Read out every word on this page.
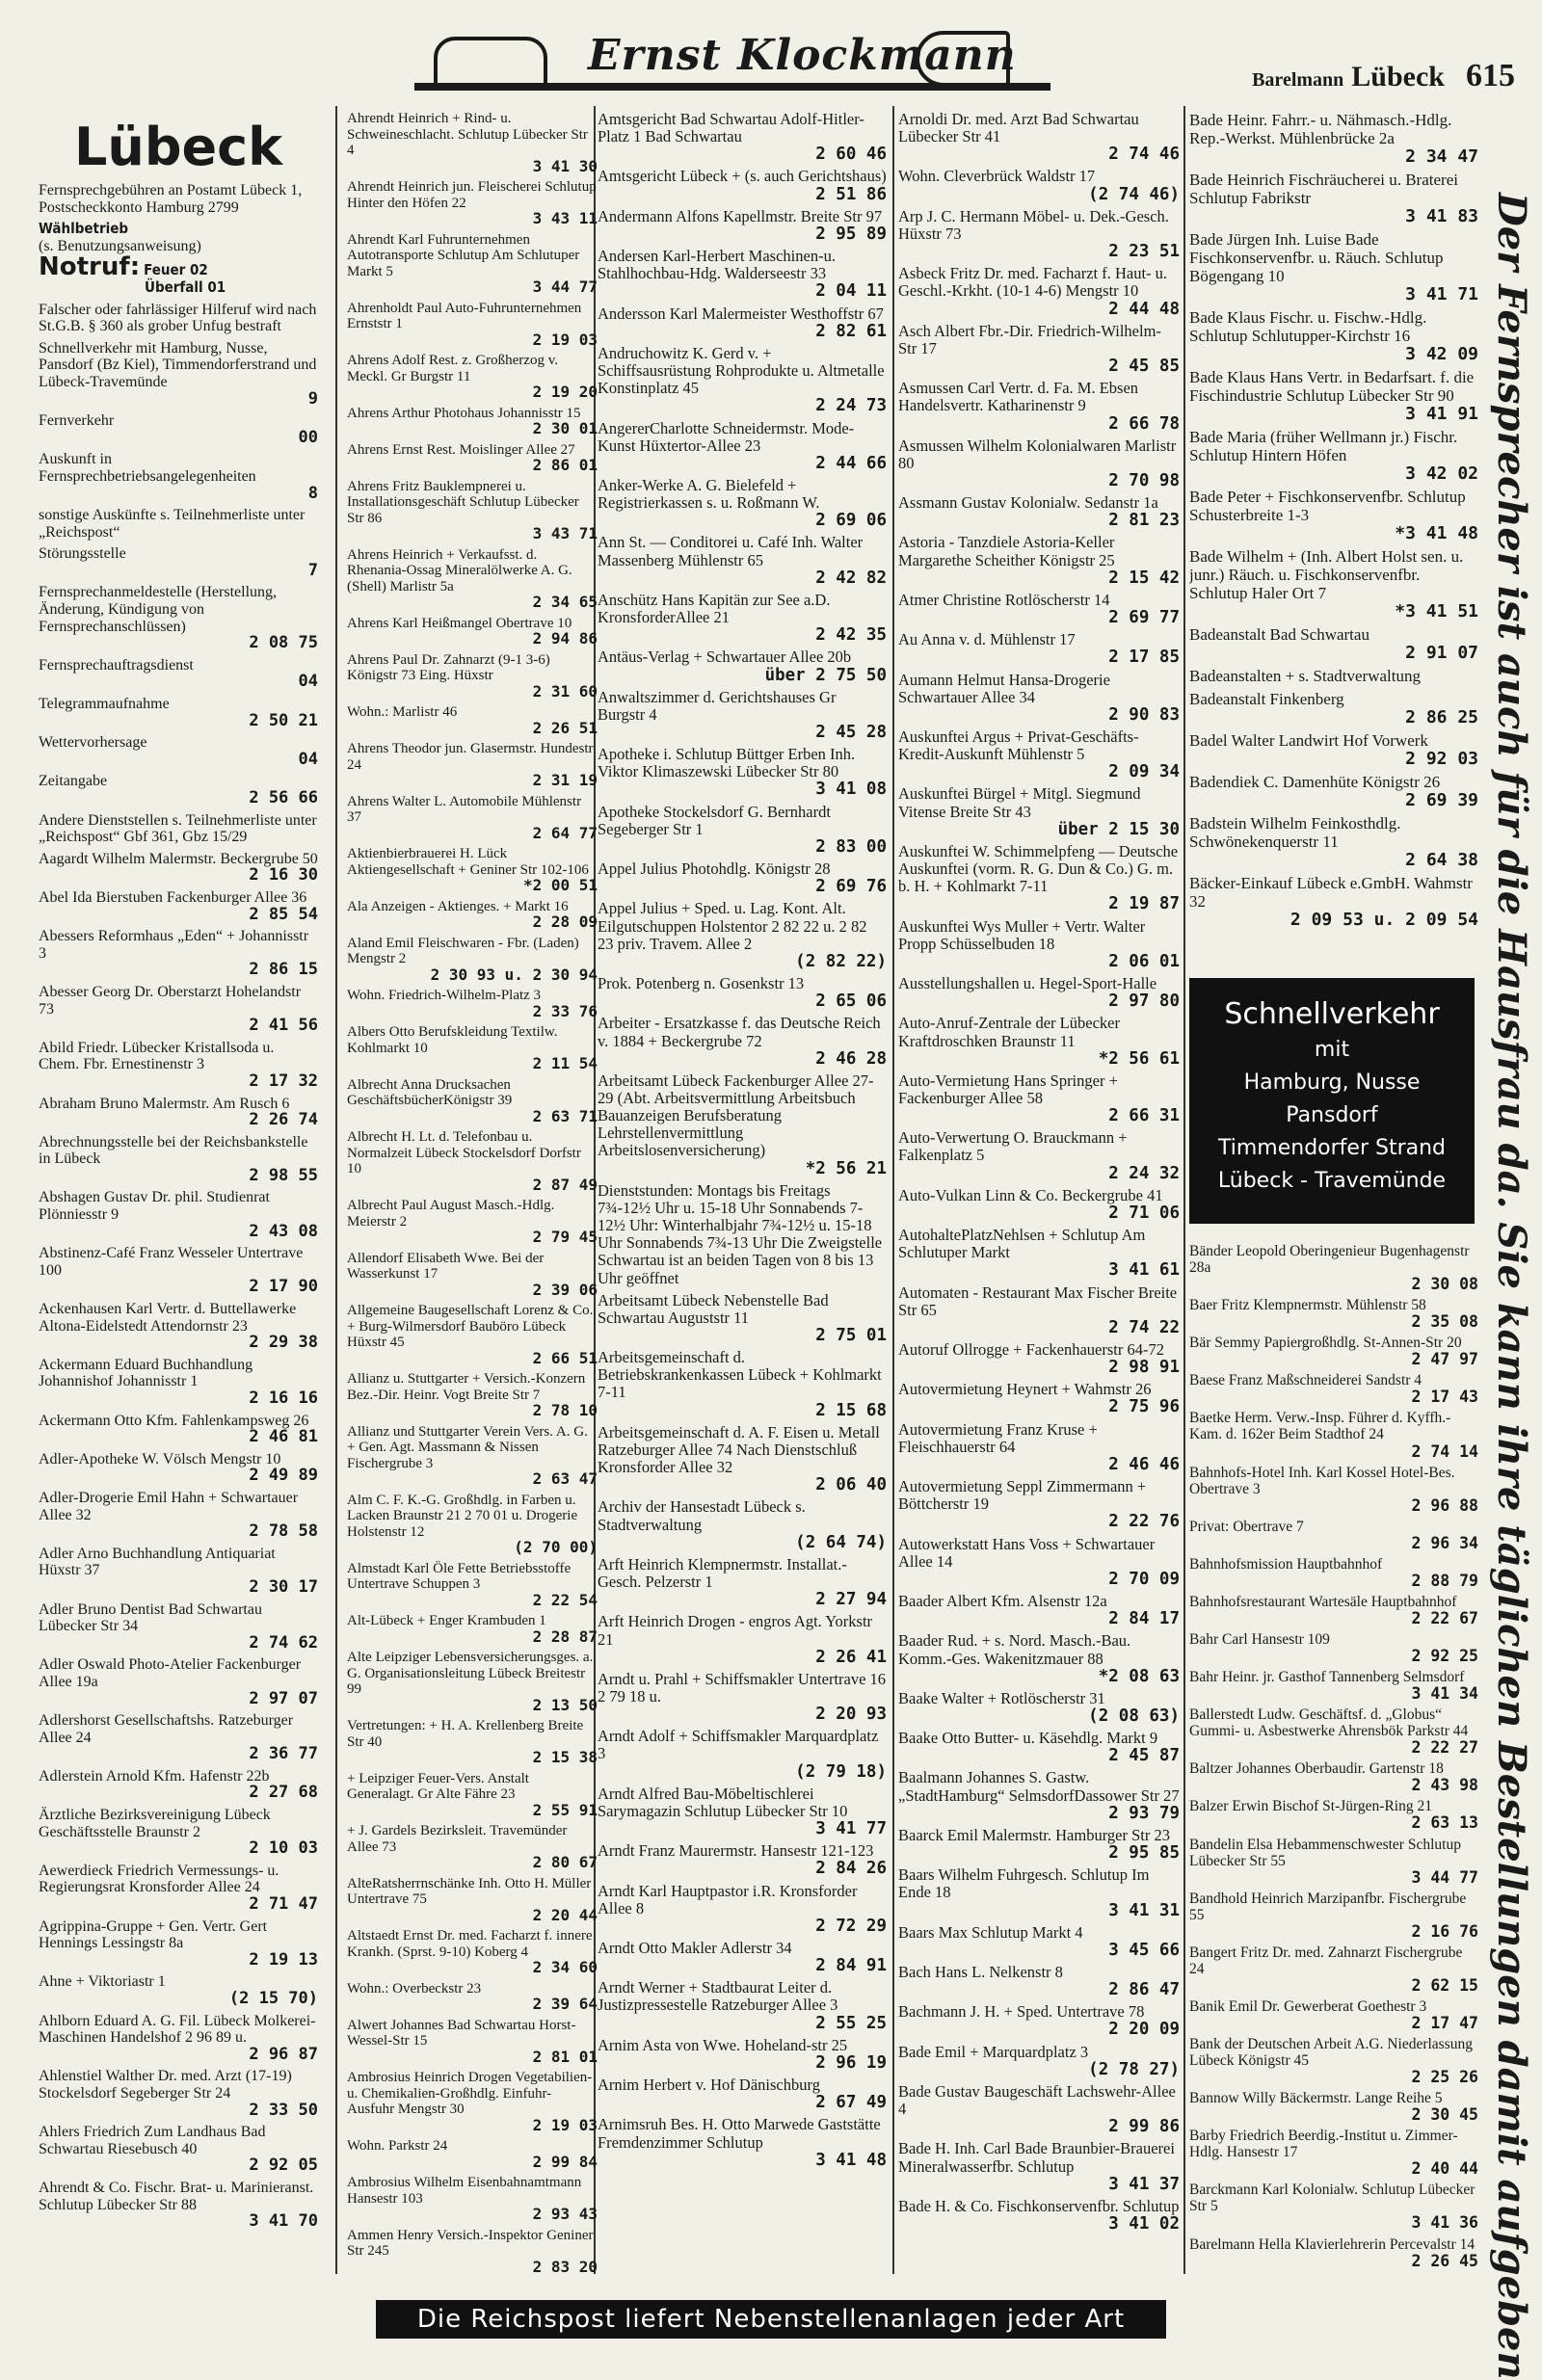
Ernst Klockmann	Barelmann Lübeck 615
Lübeck
Fernsprechgebühren an Postamt Lübeck 1, Postscheckkonto Hamburg 2799
Wählbetrieb
(s. Benutzungsanweisung)
Notruf: Feuer 02
Überfall 01
Falscher oder fahrlässiger Hilferuf wird nach St.G.B. § 360 als grober Unfug bestraft
Schnellverkehr mit Hamburg, Nusse, Pansdorf (Bz Kiel), Timmendorferstrand und Lübeck-Travemünde
9
Fernverkehr
00
Auskunft in Fernsprechbetriebsangelegenheiten
8
sonstige Auskünfte s. Teilnehmerliste unter „Reichspost“
Störungsstelle
7
Fernsprechanmeldestelle (Herstellung, Änderung, Kündigung von Fernsprechanschlüssen)
2 08 75
Fernsprechauftragsdienst
04
Telegrammaufnahme
2 50 21
Wettervorhersage
04
Zeitangabe
2 56 66
Andere Dienststellen s. Teilnehmerliste unter „Reichspost“ Gbf 361, Gbz 15/29
Aagardt Wilhelm Malermstr. Beckergrube 50
2 16 30
Abel Ida Bierstuben Fackenburger Allee 36
2 85 54
Abessers Reformhaus „Eden“ + Johannisstr 3
2 86 15
Abesser Georg Dr. Oberstarzt Hohelandstr 73
2 41 56
Abild Friedr. Lübecker Kristallsoda u. Chem. Fbr. Ernestinenstr 3
2 17 32
Abraham Bruno Malermstr. Am Rusch 6
2 26 74
Abrechnungsstelle bei der Reichsbankstelle in Lübeck
2 98 55
Abshagen Gustav Dr. phil. Studienrat Plönniesstr 9
2 43 08
Abstinenz-Café Franz Wesseler Untertrave 100
2 17 90
Ackenhausen Karl Vertr. d. Buttellawerke Altona-Eidelstedt Attendornstr 23
2 29 38
Ackermann Eduard Buchhandlung Johannishof Johannisstr 1
2 16 16
Ackermann Otto Kfm. Fahlenkampsweg 26
2 46 81
Adler-Apotheke W. Völsch Mengstr 10
2 49 89
Adler-Drogerie Emil Hahn + Schwartauer Allee 32
2 78 58
Adler Arno Buchhandlung Antiquariat Hüxstr 37
2 30 17
Adler Bruno Dentist Bad Schwartau Lübecker Str 34
2 74 62
Adler Oswald Photo-Atelier Fackenburger Allee 19a
2 97 07
Adlershorst Gesellschaftshs. Ratzeburger Allee 24
2 36 77
Adlerstein Arnold Kfm. Hafenstr 22b
2 27 68
Ärztliche Bezirksvereinigung Lübeck Geschäftsstelle Braunstr 2
2 10 03
Aewerdieck Friedrich Vermessungs- u. Regierungsrat Kronsforder Allee 24
2 71 47
Agrippina-Gruppe + Gen. Vertr. Gert Hennings Lessingstr 8a
2 19 13
Ahne + Viktoriastr 1
(2 15 70)
Ahlborn Eduard A. G. Fil. Lübeck Molkerei-Maschinen Handelshof 2 96 89 u.
2 96 87
Ahlenstiel Walther Dr. med. Arzt (17-19) Stockelsdorf Segeberger Str 24
2 33 50
Ahlers Friedrich Zum Landhaus Bad Schwartau Riesebusch 40
2 92 05
Ahrendt & Co. Fischr. Brat- u. Marinieranst. Schlutup Lübecker Str 88
3 41 70
Ahrendt Heinrich + Rind- u. Schweineschlacht. Schlutup Lübecker Str 4
3 41 30
Ahrendt Heinrich jun. Fleischerei Schlutup Hinter den Höfen 22
3 43 11
Ahrendt Karl Fuhrunternehmen Autotransporte Schlutup Am Schlutuper Markt 5
3 44 77
Ahrenholdt Paul Auto-Fuhrunternehmen Ernststr 1
2 19 03
Ahrens Adolf Rest. z. Großherzog v. Meckl. Gr Burgstr 11
2 19 20
Ahrens Arthur Photohaus Johannisstr 15
2 30 01
Ahrens Ernst Rest. Moislinger Allee 27
2 86 01
Ahrens Fritz Bauklempnerei u. Installationsgeschäft Schlutup Lübecker Str 86
3 43 71
Ahrens Heinrich + Verkaufsst. d. Rhenania-Ossag Mineralölwerke A. G. (Shell) Marlistr 5a
2 34 65
Ahrens Karl Heißmangel Obertrave 10
2 94 86
Ahrens Paul Dr. Zahnarzt (9-1 3-6) Königstr 73 Eing. Hüxstr
2 31 60
Wohn.: Marlistr 46
2 26 51
Ahrens Theodor jun. Glasermstr. Hundestr 24
2 31 19
Ahrens Walter L. Automobile Mühlenstr 37
2 64 77
Aktienbierbrauerei H. Lück Aktiengesellschaft + Geniner Str 102-106
*2 00 51
Ala Anzeigen - Aktienges. + Markt 16
2 28 09
Aland Emil Fleischwaren - Fbr. (Laden) Mengstr 2
2 30 93 u. 2 30 94
Wohn. Friedrich-Wilhelm-Platz 3
2 33 76
Albers Otto Berufskleidung Textilw. Kohlmarkt 10
2 11 54
Albrecht Anna Drucksachen GeschäftsbücherKönigstr 39
2 63 71
Albrecht H. Lt. d. Telefonbau u. Normalzeit Lübeck Stockelsdorf Dorfstr 10
2 87 49
Albrecht Paul August Masch.-Hdlg. Meierstr 2
2 79 45
Allendorf Elisabeth Wwe. Bei der Wasserkunst 17
2 39 06
Allgemeine Baugesellschaft Lorenz & Co. + Burg-Wilmersdorf Bauböro Lübeck Hüxstr 45
2 66 51
Allianz u. Stuttgarter + Versich.-Konzern Bez.-Dir. Heinr. Vogt Breite Str 7
2 78 10
Allianz und Stuttgarter Verein Vers. A. G. + Gen. Agt. Massmann & Nissen Fischergrube 3
2 63 47
Alm C. F. K.-G. Großhdlg. in Farben u. Lacken Braunstr 21 2 70 01 u. Drogerie Holstenstr 12
(2 70 00)
Almstadt Karl Öle Fette Betriebsstoffe Untertrave Schuppen 3
2 22 54
Alt-Lübeck + Enger Krambuden 1
2 28 87
Alte Leipziger Lebensversicherungsges. a. G. Organisationsleitung Lübeck Breitestr 99
2 13 50
Vertretungen: + H. A. Krellenberg Breite Str 40
2 15 38
+ Leipziger Feuer-Vers. Anstalt Generalagt. Gr Alte Fähre 23
2 55 91
+ J. Gardels Bezirksleit. Travemünder Allee 73
2 80 67
AlteRatsherrnschänke Inh. Otto H. Müller Untertrave 75
2 20 44
Altstaedt Ernst Dr. med. Facharzt f. innere Krankh. (Sprst. 9-10) Koberg 4
2 34 60
Wohn.: Overbeckstr 23
2 39 64
Alwert Johannes Bad Schwartau Horst-Wessel-Str 15
2 81 01
Ambrosius Heinrich Drogen Vegetabilien-u. Chemikalien-Großhdlg. Einfuhr-Ausfuhr Mengstr 30
2 19 03
Wohn. Parkstr 24
2 99 84
Ambrosius Wilhelm Eisenbahnamtmann Hansestr 103
2 93 43
Ammen Henry Versich.-Inspektor Geniner Str 245
2 83 20
Amtsgericht Bad Schwartau Adolf-Hitler-Platz 1 Bad Schwartau
2 60 46
Amtsgericht Lübeck + (s. auch Gerichtshaus)
2 51 86
Andermann Alfons Kapellmstr. Breite Str 97
2 95 89
Andersen Karl-Herbert Maschinen-u. Stahlhochbau-Hdg. Walderseestr 33
2 04 11
Andersson Karl Malermeister Westhoffstr 67
2 82 61
Andruchowitz K. Gerd v. + Schiffsausrüstung Rohprodukte u. Altmetalle Konstinplatz 45
2 24 73
AngererCharlotte Schneidermstr. Mode-Kunst Hüxtertor-Allee 23
2 44 66
Anker-Werke A. G. Bielefeld + Registrierkassen s. u. Roßmann W.
2 69 06
Ann St. — Conditorei u. Café Inh. Walter Massenberg Mühlenstr 65
2 42 82
Anschütz Hans Kapitän zur See a.D. KronsforderAllee 21
2 42 35
Antäus-Verlag + Schwartauer Allee 20b
über 2 75 50
Anwaltszimmer d. Gerichtshauses Gr Burgstr 4
2 45 28
Apotheke i. Schlutup Büttger Erben Inh. Viktor Klimaszewski Lübecker Str 80
3 41 08
Apotheke Stockelsdorf G. Bernhardt Segeberger Str 1
2 83 00
Appel Julius Photohdlg. Königstr 28
2 69 76
Appel Julius + Sped. u. Lag. Kont. Alt. Eilgutschuppen Holstentor 2 82 22 u. 2 82 23 priv. Travem. Allee 2
(2 82 22)
Prok. Potenberg n. Gosenkstr 13
2 65 06
Arbeiter - Ersatzkasse f. das Deutsche Reich v. 1884 + Beckergrube 72
2 46 28
Arbeitsamt Lübeck Fackenburger Allee 27-29 (Abt. Arbeitsvermittlung Arbeitsbuch Bauanzeigen Berufsberatung Lehrstellenvermittlung Arbeitslosenversicherung)
*2 56 21
Dienststunden: Montags bis Freitags 7¾-12½ Uhr u. 15-18 Uhr Sonnabends 7-12½ Uhr: Winterhalbjahr 7¾-12½ u. 15-18 Uhr Sonnabends 7¾-13 Uhr Die Zweigstelle Schwartau ist an beiden Tagen von 8 bis 13 Uhr geöffnet
Arbeitsamt Lübeck Nebenstelle Bad Schwartau Auguststr 11
2 75 01
Arbeitsgemeinschaft d. Betriebskrankenkassen Lübeck + Kohlmarkt 7-11
2 15 68
Arbeitsgemeinschaft d. A. F. Eisen u. Metall Ratzeburger Allee 74 Nach Dienstschluß Kronsforder Allee 32
2 06 40
Archiv der Hansestadt Lübeck s. Stadtverwaltung
(2 64 74)
Arft Heinrich Klempnermstr. Installat.-Gesch. Pelzerstr 1
2 27 94
Arft Heinrich Drogen - engros Agt. Yorkstr 21
2 26 41
Arndt u. Prahl + Schiffsmakler Untertrave 16 2 79 18 u.
2 20 93
Arndt Adolf + Schiffsmakler Marquardplatz 3
(2 79 18)
Arndt Alfred Bau-Möbeltischlerei Sarymagazin Schlutup Lübecker Str 10
3 41 77
Arndt Franz Maurermstr. Hansestr 121-123
2 84 26
Arndt Karl Hauptpastor i.R. Kronsforder Allee 8
2 72 29
Arndt Otto Makler Adlerstr 34
2 84 91
Arndt Werner + Stadtbaurat Leiter d. Justizpressestelle Ratzeburger Allee 3
2 55 25
Arnim Asta von Wwe. Hoheland-str 25
2 96 19
Arnim Herbert v. Hof Dänischburg
2 67 49
Arnimsruh Bes. H. Otto Marwede Gaststätte Fremdenzimmer Schlutup
3 41 48
Arnoldi Dr. med. Arzt Bad Schwartau Lübecker Str 41
2 74 46
Wohn. Cleverbrück Waldstr 17
(2 74 46)
Arp J. C. Hermann Möbel- u. Dek.-Gesch. Hüxstr 73
2 23 51
Asbeck Fritz Dr. med. Facharzt f. Haut- u. Geschl.-Krkht. (10-1 4-6) Mengstr 10
2 44 48
Asch Albert Fbr.-Dir. Friedrich-Wilhelm-Str 17
2 45 85
Asmussen Carl Vertr. d. Fa. M. Ebsen Handelsvertr. Katharinenstr 9
2 66 78
Asmussen Wilhelm Kolonialwaren Marlistr 80
2 70 98
Assmann Gustav Kolonialw. Sedanstr 1a
2 81 23
Astoria - Tanzdiele Astoria-Keller Margarethe Scheither Königstr 25
2 15 42
Atmer Christine Rotlöscherstr 14
2 69 77
Au Anna v. d. Mühlenstr 17
2 17 85
Aumann Helmut Hansa-Drogerie Schwartauer Allee 34
2 90 83
Auskunftei Argus + Privat-Geschäfts-Kredit-Auskunft Mühlenstr 5
2 09 34
Auskunftei Bürgel + Mitgl. Siegmund Vitense Breite Str 43
über 2 15 30
Auskunftei W. Schimmelpfeng — Deutsche Auskunftei (vorm. R. G. Dun & Co.) G. m. b. H. + Kohlmarkt 7-11
2 19 87
Auskunftei Wys Muller + Vertr. Walter Propp Schüsselbuden 18
2 06 01
Ausstellungshallen u. Hegel-Sport-Halle
2 97 80
Auto-Anruf-Zentrale der Lübecker Kraftdroschken Braunstr 11
*2 56 61
Auto-Vermietung Hans Springer + Fackenburger Allee 58
2 66 31
Auto-Verwertung O. Brauckmann + Falkenplatz 5
2 24 32
Auto-Vulkan Linn & Co. Beckergrube 41
2 71 06
AutohaltePlatzNehlsen + Schlutup Am Schlutuper Markt
3 41 61
Automaten - Restaurant Max Fischer Breite Str 65
2 74 22
Autoruf Ollrogge + Fackenhauerstr 64-72
2 98 91
Autovermietung Heynert + Wahmstr 26
2 75 96
Autovermietung Franz Kruse + Fleischhauerstr 64
2 46 46
Autovermietung Seppl Zimmermann + Böttcherstr 19
2 22 76
Autowerkstatt Hans Voss + Schwartauer Allee 14
2 70 09
Baader Albert Kfm. Alsenstr 12a
2 84 17
Baader Rud. + s. Nord. Masch.-Bau. Komm.-Ges. Wakenitzmauer 88
*2 08 63
Baake Walter + Rotlöscherstr 31
(2 08 63)
Baake Otto Butter- u. Käsehdlg. Markt 9
2 45 87
Baalmann Johannes S. Gastw. „StadtHamburg“ SelmsdorfDassower Str 27
2 93 79
Baarck Emil Malermstr. Hamburger Str 23
2 95 85
Baars Wilhelm Fuhrgesch. Schlutup Im Ende 18
3 41 31
Baars Max Schlutup Markt 4
3 45 66
Bach Hans L. Nelkenstr 8
2 86 47
Bachmann J. H. + Sped. Untertrave 78
2 20 09
Bade Emil + Marquardplatz 3
(2 78 27)
Bade Gustav Baugeschäft Lachswehr-Allee 4
2 99 86
Bade H. Inh. Carl Bade Braunbier-Brauerei Mineralwasserfbr. Schlutup
3 41 37
Bade H. & Co. Fischkonservenfbr. Schlutup
3 41 02
Bade Heinr. Fahrr.- u. Nähmasch.-Hdlg. Rep.-Werkst. Mühlenbrücke 2a
2 34 47
Bade Heinrich Fischräucherei u. Braterei Schlutup Fabrikstr
3 41 83
Bade Jürgen Inh. Luise Bade Fischkonservenfbr. u. Räuch. Schlutup Bögengang 10
3 41 71
Bade Klaus Fischr. u. Fischw.-Hdlg. Schlutup Schlutupper-Kirchstr 16
3 42 09
Bade Klaus Hans Vertr. in Bedarfsart. f. die Fischindustrie Schlutup Lübecker Str 90
3 41 91
Bade Maria (früher Wellmann jr.) Fischr. Schlutup Hintern Höfen
3 42 02
Bade Peter + Fischkonservenfbr. Schlutup Schusterbreite 1-3
*3 41 48
Bade Wilhelm + (Inh. Albert Holst sen. u. junr.) Räuch. u. Fischkonservenfbr. Schlutup Haler Ort 7
*3 41 51
Badeanstalt Bad Schwartau
2 91 07
Badeanstalten + s. Stadtverwaltung
Badeanstalt Finkenberg
2 86 25
Badel Walter Landwirt Hof Vorwerk
2 92 03
Badendiek C. Damenhüte Königstr 26
2 69 39
Badstein Wilhelm Feinkosthdlg. Schwönekenquerstr 11
2 64 38
Bäcker-Einkauf Lübeck e.GmbH. Wahmstr 32
2 09 53 u. 2 09 54
Schnellverkehr
mit
Hamburg, Nusse
Pansdorf
Timmendorfer Strand
Lübeck - Travemünde
Bänder Leopold Oberingenieur Bugenhagenstr 28a
2 30 08
Baer Fritz Klempnermstr. Mühlenstr 58
2 35 08
Bär Semmy Papiergroßhdlg. St-Annen-Str 20
2 47 97
Baese Franz Maßschneiderei Sandstr 4
2 17 43
Baetke Herm. Verw.-Insp. Führer d. Kyffh.-Kam. d. 162er Beim Stadthof 24
2 74 14
Bahnhofs-Hotel Inh. Karl Kossel Hotel-Bes. Obertrave 3
2 96 88
Privat: Obertrave 7
2 96 34
Bahnhofsmission Hauptbahnhof
2 88 79
Bahnhofsrestaurant Wartesäle Hauptbahnhof
2 22 67
Bahr Carl Hansestr 109
2 92 25
Bahr Heinr. jr. Gasthof Tannenberg Selmsdorf
3 41 34
Ballerstedt Ludw. Geschäftsf. d. „Globus“ Gummi- u. Asbestwerke Ahrensbök Parkstr 44
2 22 27
Baltzer Johannes Oberbaudir. Gartenstr 18
2 43 98
Balzer Erwin Bischof St-Jürgen-Ring 21
2 63 13
Bandelin Elsa Hebammenschwester Schlutup Lübecker Str 55
3 44 77
Bandhold Heinrich Marzipanfbr. Fischergrube 55
2 16 76
Bangert Fritz Dr. med. Zahnarzt Fischergrube 24
2 62 15
Banik Emil Dr. Gewerberat Goethestr 3
2 17 47
Bank der Deutschen Arbeit A.G. Niederlassung Lübeck Königstr 45
2 25 26
Bannow Willy Bäckermstr. Lange Reihe 5
2 30 45
Barby Friedrich Beerdig.-Institut u. Zimmer-Hdlg. Hansestr 17
2 40 44
Barckmann Karl Kolonialw. Schlutup Lübecker Str 5
3 41 36
Barelmann Hella Klavierlehrerin Percevalstr 14
2 26 45 Der Fernsprecher ist auch für die Hausfrau da. Sie kann ihre täglichen Bestellungen damit aufgeben
Die Reichspost liefert Nebenstellenanlagen jeder Art
